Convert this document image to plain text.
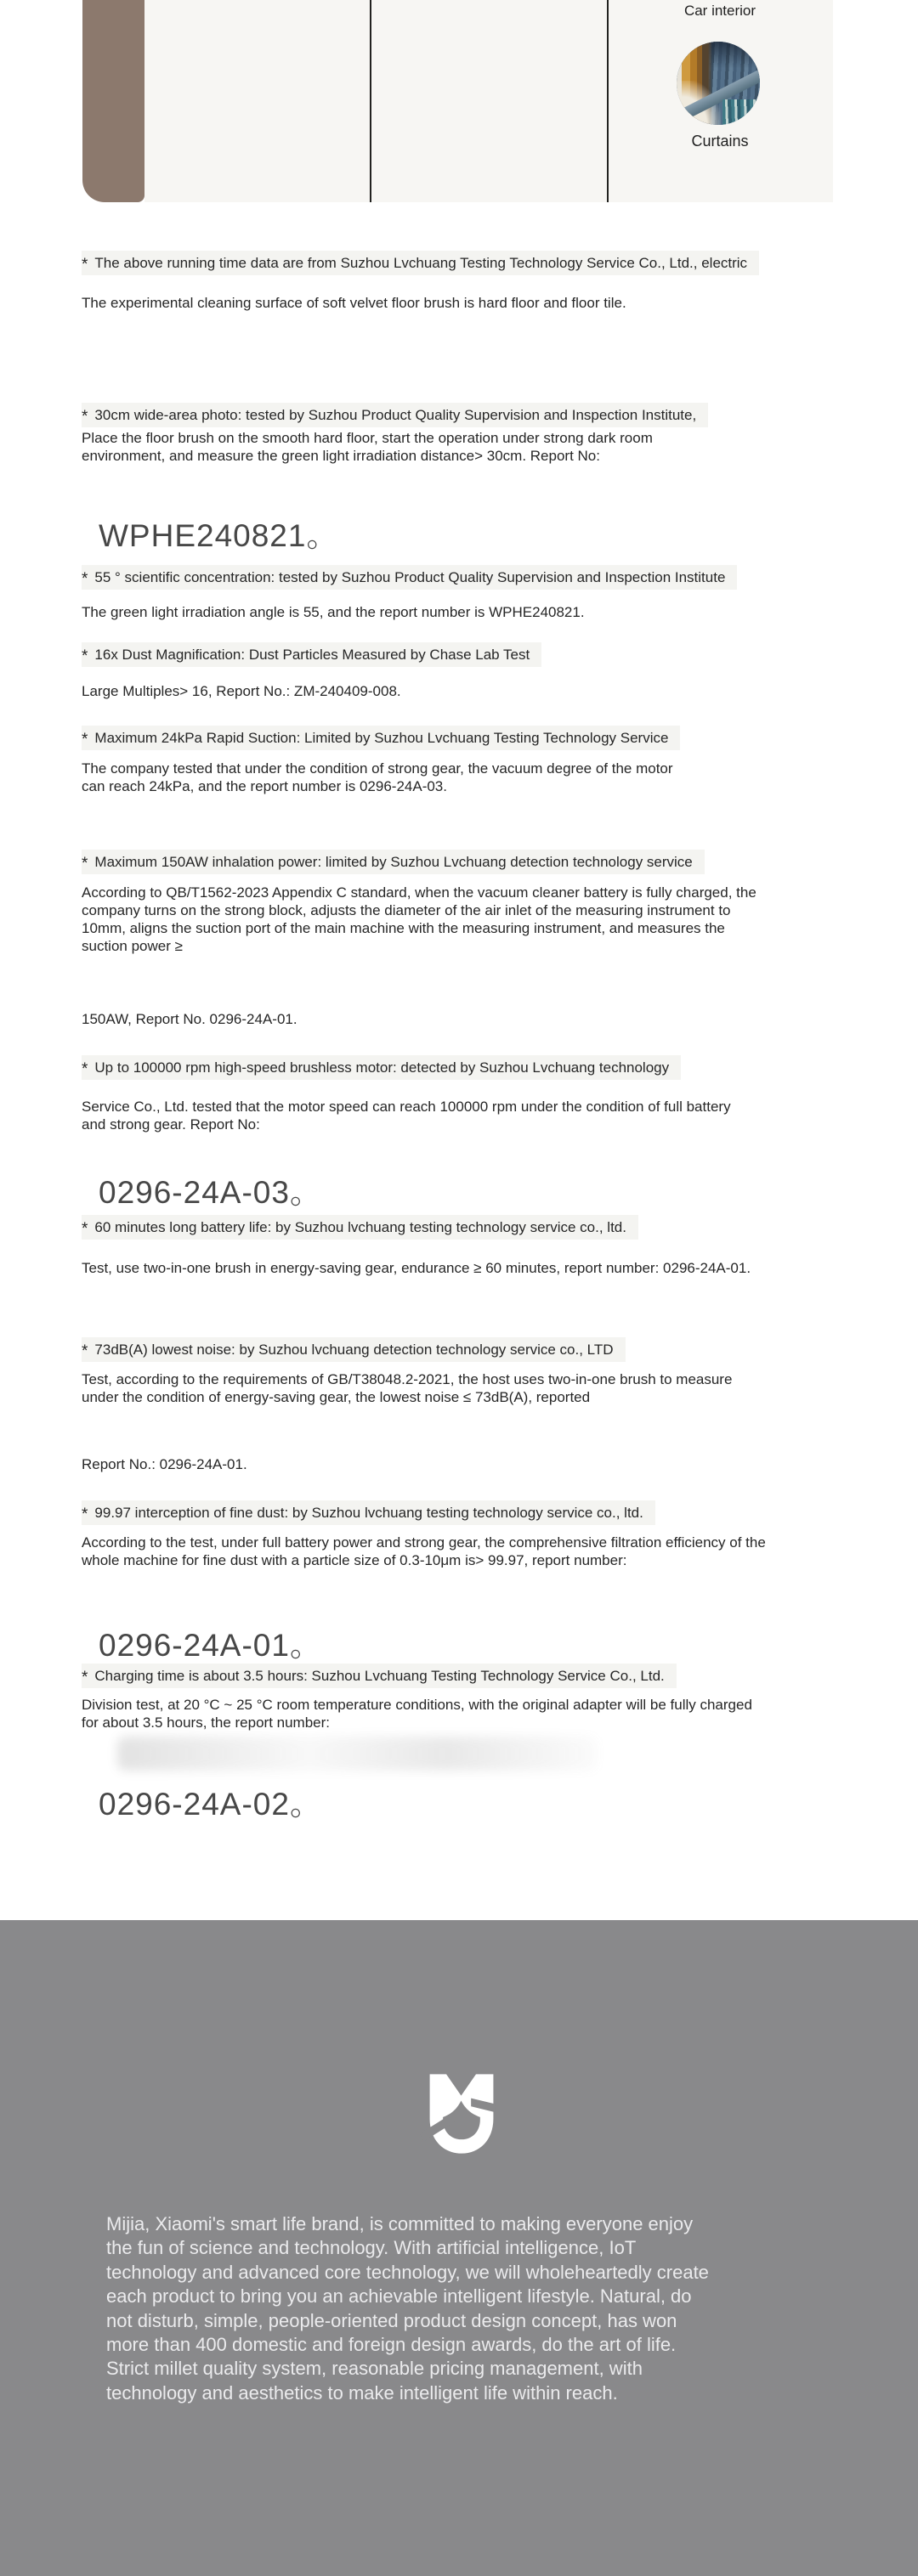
Car interior
Curtains
* The above running time data are from Suzhou Lvchuang Testing Technology Service Co., Ltd., electric
The experimental cleaning surface of soft velvet floor brush is hard floor and floor tile.
* 30cm wide-area photo: tested by Suzhou Product Quality Supervision and Inspection Institute,
Place the floor brush on the smooth hard floor, start the operation under strong dark room
environment, and measure the green light irradiation distance> 30cm. Report No:
WPHE240821。
* 55 ° scientific concentration: tested by Suzhou Product Quality Supervision and Inspection Institute
The green light irradiation angle is 55, and the report number is WPHE240821.
* 16x Dust Magnification: Dust Particles Measured by Chase Lab Test
Large Multiples> 16, Report No.: ZM-240409-008.
* Maximum 24kPa Rapid Suction: Limited by Suzhou Lvchuang Testing Technology Service
The company tested that under the condition of strong gear, the vacuum degree of the motor
can reach 24kPa, and the report number is 0296-24A-03.
* Maximum 150AW inhalation power: limited by Suzhou Lvchuang detection technology service
According to QB/T1562-2023 Appendix C standard, when the vacuum cleaner battery is fully charged, the
company turns on the strong block, adjusts the diameter of the air inlet of the measuring instrument to
10mm, aligns the suction port of the main machine with the measuring instrument, and measures the
suction power ≥
150AW, Report No. 0296-24A-01.
* Up to 100000 rpm high-speed brushless motor: detected by Suzhou Lvchuang technology
Service Co., Ltd. tested that the motor speed can reach 100000 rpm under the condition of full battery
and strong gear. Report No:
0296-24A-03。
* 60 minutes long battery life: by Suzhou lvchuang testing technology service co., ltd.
Test, use two-in-one brush in energy-saving gear, endurance ≥ 60 minutes, report number: 0296-24A-01.
* 73dB(A) lowest noise: by Suzhou lvchuang detection technology service co., LTD
Test, according to the requirements of GB/T38048.2-2021, the host uses two-in-one brush to measure
under the condition of energy-saving gear, the lowest noise ≤ 73dB(A), reported
Report No.: 0296-24A-01.
* 99.97 interception of fine dust: by Suzhou lvchuang testing technology service co., ltd.
According to the test, under full battery power and strong gear, the comprehensive filtration efficiency of the
whole machine for fine dust with a particle size of 0.3-10μm is> 99.97, report number:
0296-24A-01。
* Charging time is about 3.5 hours: Suzhou Lvchuang Testing Technology Service Co., Ltd.
Division test, at 20 °C ~ 25 °C room temperature conditions, with the original adapter will be fully charged
for about 3.5 hours, the report number:
0296-24A-02。
Mijia, Xiaomi's smart life brand, is committed to making everyone enjoy
the fun of science and technology. With artificial intelligence, IoT
technology and advanced core technology, we will wholeheartedly create
each product to bring you an achievable intelligent lifestyle. Natural, do
not disturb, simple, people-oriented product design concept, has won
more than 400 domestic and foreign design awards, do the art of life.
Strict millet quality system, reasonable pricing management, with
technology and aesthetics to make intelligent life within reach.
